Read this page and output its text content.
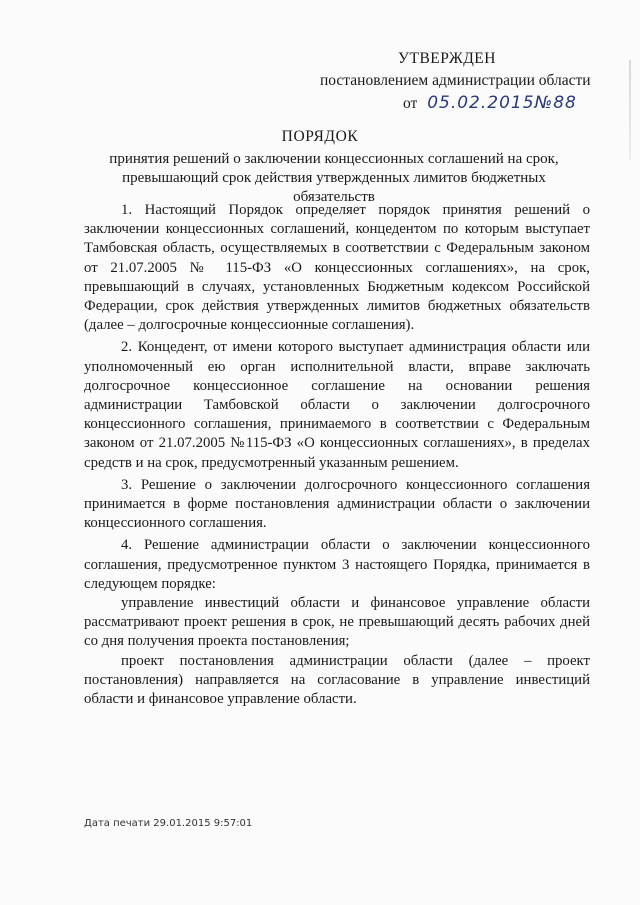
УТВЕРЖДЕН
постановлением администрации области
от 05.02.2015№88
ПОРЯДОК
принятия решений о заключении концессионных соглашений на срок, превышающий срок действия утвержденных лимитов бюджетных обязательств

1. Настоящий Порядок определяет порядок принятия решений о заключении концессионных соглашений, концедентом по которым выступает Тамбовская область, осуществляемых в соответствии с Федеральным законом от 21.07.2005 № 115-ФЗ «О концессионных соглашениях», на срок, превышающий в случаях, установленных Бюджетным кодексом Российской Федерации, срок действия утвержденных лимитов бюджетных обязательств (далее – долгосрочные концессионные соглашения).

2. Концедент, от имени которого выступает администрация области или уполномоченный ею орган исполнительной власти, вправе заключать долгосрочное концессионное соглашение на основании решения администрации Тамбовской области о заключении долгосрочного концессионного соглашения, принимаемого в соответствии с Федеральным законом от 21.07.2005 №115-ФЗ «О концессионных соглашениях», в пределах средств и на срок, предусмотренный указанным решением.

3. Решение о заключении долгосрочного концессионного соглашения принимается в форме постановления администрации области о заключении концессионного соглашения.

4. Решение администрации области о заключении концессионного соглашения, предусмотренное пунктом 3 настоящего Порядка, принимается в следующем порядке:

управление инвестиций области и финансовое управление области рассматривают проект решения в срок, не превышающий десять рабочих дней со дня получения проекта постановления;

проект постановления администрации области (далее – проект постановления) направляется на согласование в управление инвестиций области и финансовое управление области.

Дата печати 29.01.2015 9:57:01
